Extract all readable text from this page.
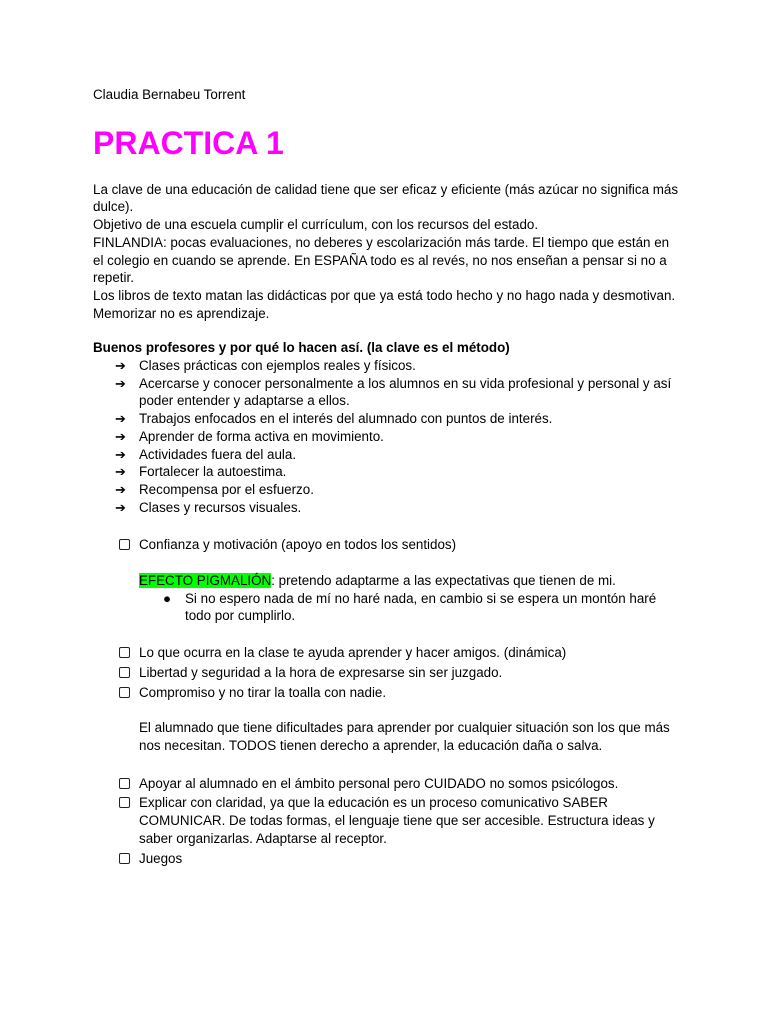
Claudia Bernabeu Torrent

PRACTICA 1

La clave de una educación de calidad tiene que ser eficaz y eficiente (más azúcar no significa más dulce).

Objetivo de una escuela cumplir el currículum, con los recursos del estado.

FINLANDIA: pocas evaluaciones, no deberes y escolarización más tarde. El tiempo que están en el colegio en cuando se aprende. En ESPAÑA todo es al revés, no nos enseñan a pensar si no a repetir.

Los libros de texto matan las didácticas por que ya está todo hecho y no hago nada y desmotivan.

Memorizar no es aprendizaje.

Buenos profesores y por qué lo hacen así. (la clave es el método)

➔ Clases prácticas con ejemplos reales y físicos.
➔ Acercarse y conocer personalmente a los alumnos en su vida profesional y personal y así poder entender y adaptarse a ellos.
➔ Trabajos enfocados en el interés del alumnado con puntos de interés.
➔ Aprender de forma activa en movimiento.
➔ Actividades fuera del aula.
➔ Fortalecer la autoestima.
➔ Recompensa por el esfuerzo.
➔ Clases y recursos visuales.

Confianza y motivación (apoyo en todos los sentidos)

EFECTO PIGMALIÓN: pretendo adaptarme a las expectativas que tienen de mi.

● Si no espero nada de mí no haré nada, en cambio si se espera un montón haré todo por cumplirlo.

Lo que ocurra en la clase te ayuda aprender y hacer amigos. (dinámica)

Libertad y seguridad a la hora de expresarse sin ser juzgado.

Compromiso y no tirar la toalla con nadie.

El alumnado que tiene dificultades para aprender por cualquier situación son los que más nos necesitan. TODOS tienen derecho a aprender, la educación daña o salva.

Apoyar al alumnado en el ámbito personal pero CUIDADO no somos psicólogos.

Explicar con claridad, ya que la educación es un proceso comunicativo SABER COMUNICAR. De todas formas, el lenguaje tiene que ser accesible. Estructura ideas y saber organizarlas. Adaptarse al receptor.

Juegos
